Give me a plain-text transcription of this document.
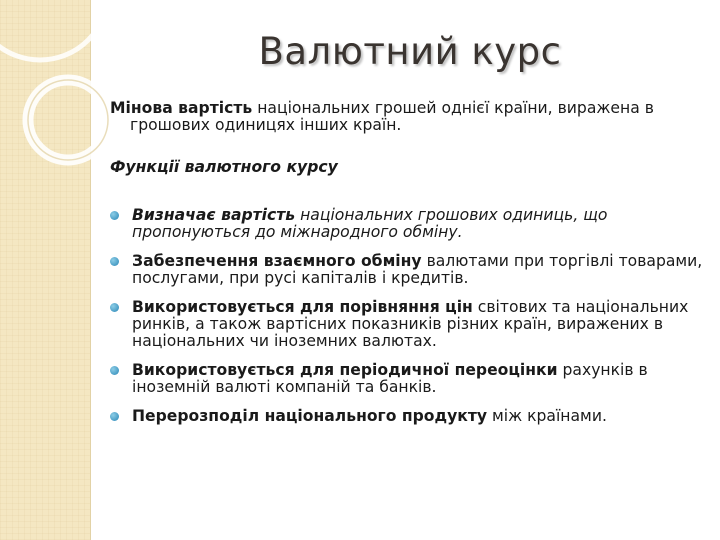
Валютний курс

Мінова вартість національних грошей однієї країни, виражена в грошових одиницях інших країн.

Функції валютного курсу
Визначає вартість національних грошових одиниць, що пропонуються до міжнародного обміну.
Забезпечення взаємного обміну валютами при торгівлі товарами, послугами, при русі капіталів і кредитів.
Використовується для порівняння цін світових та національних ринків, а також вартісних показників різних країн, виражених в національних чи іноземних валютах.
Використовується для періодичної переоцінки рахунків в іноземній валюті компаній та банків.
Перерозподіл національного продукту між країнами.
